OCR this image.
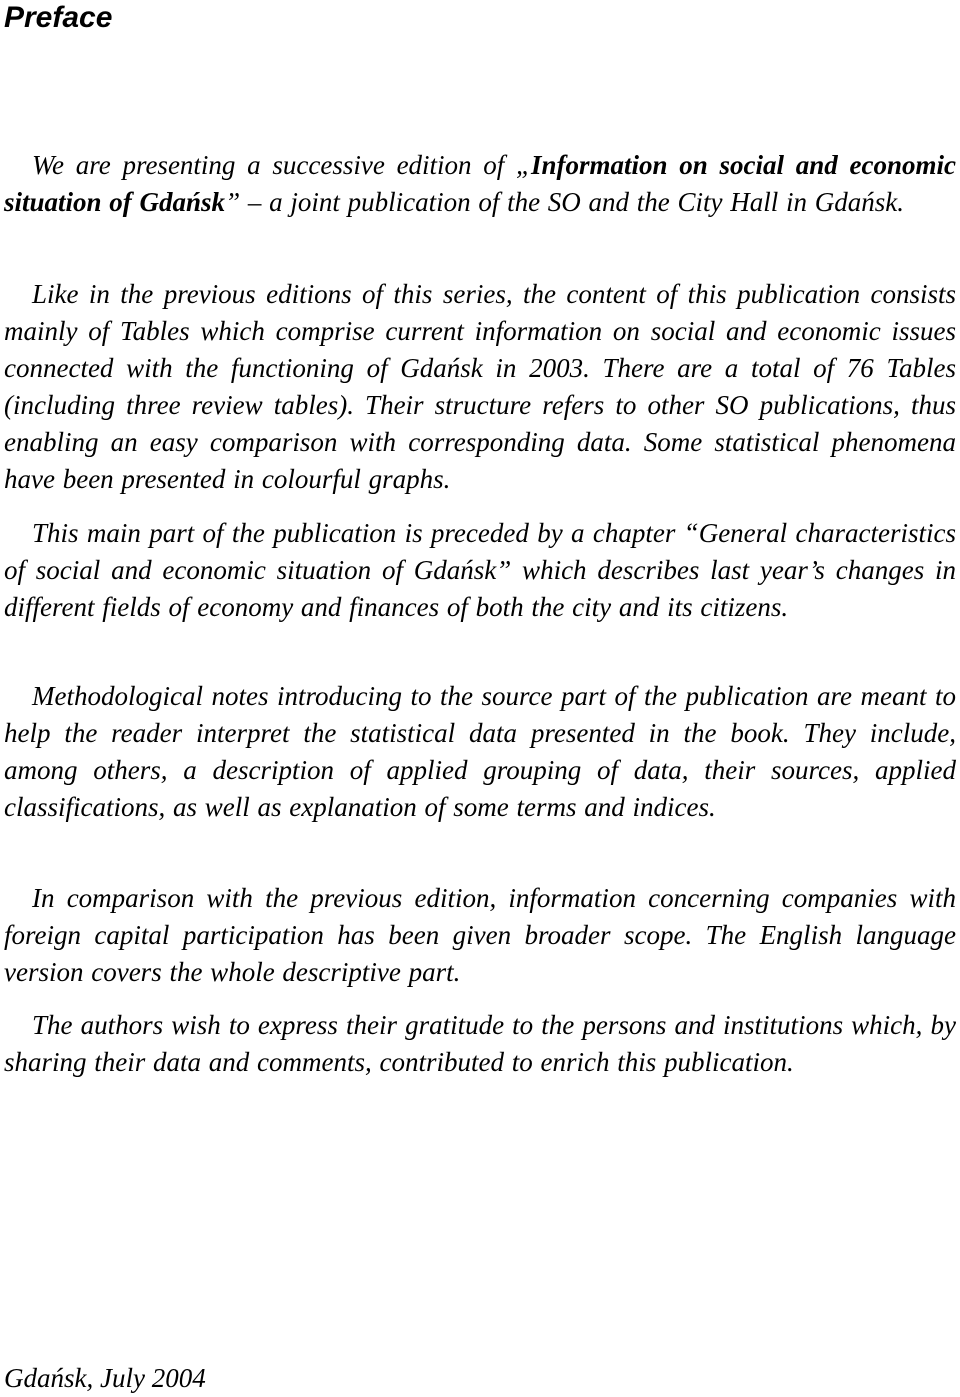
Preface

We are presenting a successive edition of „Information on social and economic situation of Gdańsk” – a joint publication of the SO and the City Hall in Gdańsk.

Like in the previous editions of this series, the content of this publication consists mainly of Tables which comprise current information on social and economic issues connected with the functioning of Gdańsk in 2003. There are a total of 76 Tables (including three review tables). Their structure refers to other SO publications, thus enabling an easy comparison with corresponding data. Some statistical phenomena have been presented in colourful graphs.

This main part of the publication is preceded by a chapter “General characteristics of social and economic situation of Gdańsk” which describes last year’s changes in different fields of economy and finances of both the city and its citizens.

Methodological notes introducing to the source part of the publication are meant to help the reader interpret the statistical data presented in the book. They include, among others, a description of applied grouping of data, their sources, applied classifications, as well as explanation of some terms and indices.

In comparison with the previous edition, information concerning companies with foreign capital participation has been given broader scope. The English language version covers the whole descriptive part.

The authors wish to express their gratitude to the persons and institutions which, by sharing their data and comments, contributed to enrich this publication.

Gdańsk, July 2004
